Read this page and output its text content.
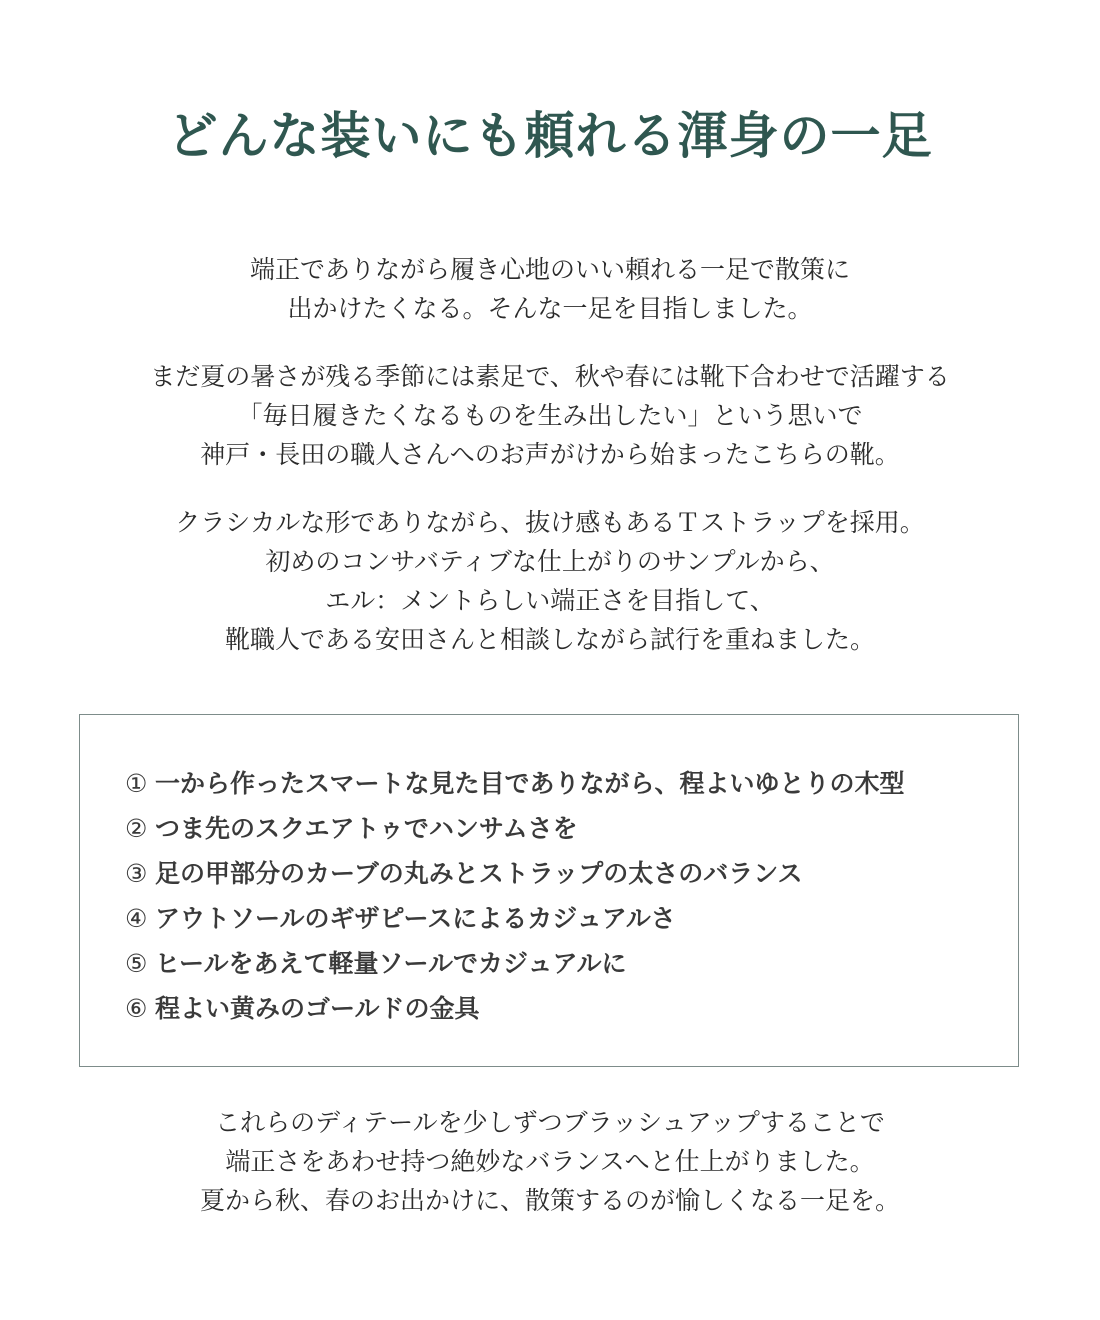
どんな装いにも頼れる渾身の一足

端正でありながら履き心地のいい頼れる一足で散策に
出かけたくなる。そんな一足を目指しました。

まだ夏の暑さが残る季節には素足で、秋や春には靴下合わせで活躍する
「毎日履きたくなるものを生み出したい」という思いで
神戸・長田の職人さんへのお声がけから始まったこちらの靴。

クラシカルな形でありながら、抜け感もあるＴストラップを採用。
初めのコンサバティブな仕上がりのサンプルから、
エル：メントらしい端正さを目指して、
靴職人である安田さんと相談しながら試行を重ねました。

① 一から作ったスマートな見た目でありながら、程よいゆとりの木型
② つま先のスクエアトゥでハンサムさを
③ 足の甲部分のカーブの丸みとストラップの太さのバランス
④ アウトソールのギザピースによるカジュアルさ
⑤ ヒールをあえて軽量ソールでカジュアルに
⑥ 程よい黄みのゴールドの金具

これらのディテールを少しずつブラッシュアップすることで
端正さをあわせ持つ絶妙なバランスへと仕上がりました。
夏から秋、春のお出かけに、散策するのが愉しくなる一足を。
